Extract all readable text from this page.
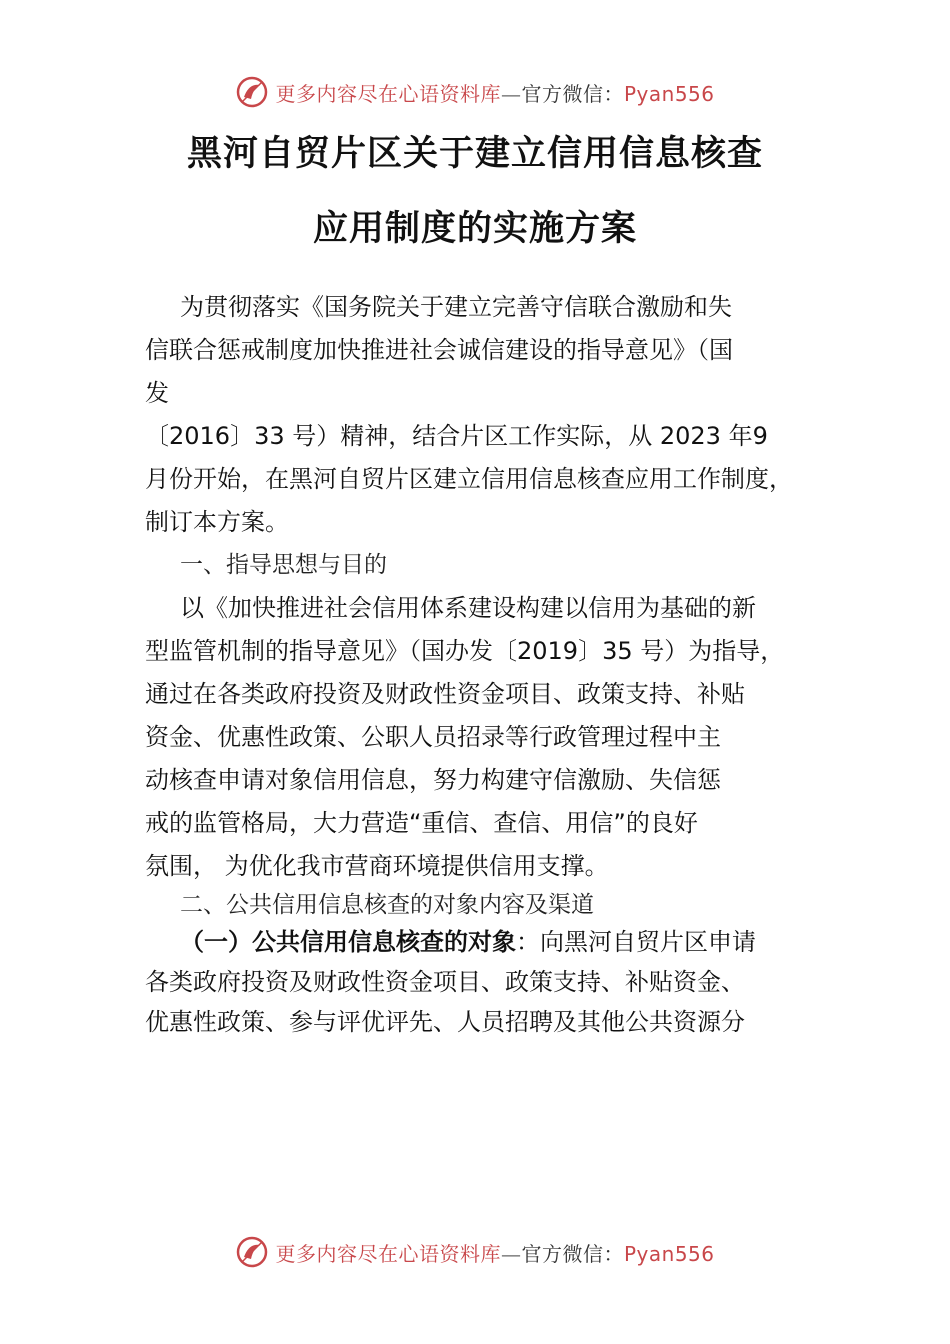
更多内容尽在心语资料库—官方微信：Pyan556
黑河自贸片区关于建立信用信息核查
应用制度的实施方案

为贯彻落实《国务院关于建立完善守信联合激励和失

信联合惩戒制度加快推进社会诚信建设的指导意见》（国

发

〔2016〕33 号）精神，结合片区工作实际，从 2023 年9

月份开始，在黑河自贸片区建立信用信息核查应用工作制度，

制订本方案。

一、指导思想与目的

以《加快推进社会信用体系建设构建以信用为基础的新

型监管机制的指导意见》（国办发〔2019〕35 号）为指导，

通过在各类政府投资及财政性资金项目、政策支持、补贴

资金、优惠性政策、公职人员招录等行政管理过程中主

动核查申请对象信用信息，努力构建守信激励、失信惩

戒的监管格局，大力营造“重信、查信、用信”的良好

氛围， 为优化我市营商环境提供信用支撑。

二、公共信用信息核查的对象内容及渠道

（一）公共信用信息核查的对象：向黑河自贸片区申请

各类政府投资及财政性资金项目、政策支持、补贴资金、

优惠性政策、参与评优评先、人员招聘及其他公共资源分

更多内容尽在心语资料库—官方微信：Pyan556
